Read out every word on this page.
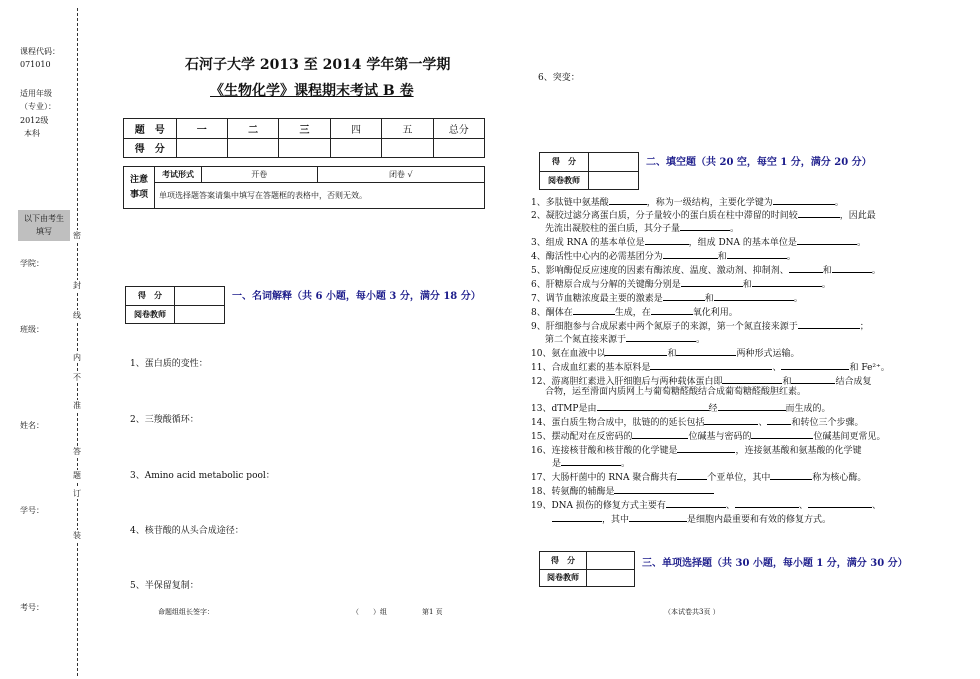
课程代码：
071010
适用年级
（专业）：
2012级
本科
以下由考生
填写
学院：
班级：
姓名：
学号：
考号：
密
封
线
内
不
准
答
题
订
装
石河子大学 2013 至 2014 学年第一学期
《生物化学》课程期末考试 B 卷
题　号	一	二	三	四	五	总分
得　分						
注意
事项
	考试形式	开卷	闭卷 √
单项选择题答案请集中填写在答题框的表格中，否则无效。
得　分	
阅卷教师	
一、名词解释（共 6 小题，每小题 3 分，满分 18 分）
1、蛋白质的变性：
2、三羧酸循环：
3、Amino acid metabolic pool：
4、核苷酸的从头合成途径：
5、半保留复制：
命题组组长签字：	（　　）组	第1 页
6、突变：
得　分	
阅卷教师	
二、填空题（共 20 空，每空 1 分，满分 20 分）
1、多肽链中氨基酸	，称为一级结构，主要化学键为	。
2、凝胶过滤分离蛋白质，分子量较小的蛋白质在柱中滞留的时间较	，因此最
先流出凝胶柱的蛋白质，其分子量	。
3、组成 RNA 的基本单位是	，组成 DNA 的基本单位是	。
4、酶活性中心内的必需基团分为	和	。
5、影响酶促反应速度的因素有酶浓度、温度、激动剂、抑制剂、	和	。
6、肝糖原合成与分解的关键酶分别是	和	。
7、调节血糖浓度最主要的激素是	和	。
8、酮体在	生成，在	氧化利用。
9、肝细胞参与合成尿素中两个氮原子的来源，第一个氮直接来源于	；
第二个氮直接来源于	。
10、氨在血液中以	和	两种形式运输。
11、合成血红素的基本原料是	、	和 Fe²⁺。
12、游离胆红素进入肝细胞后与两种载体蛋白即	和	结合成复
合物，运至滑面内质网上与葡萄糖醛酸结合成葡萄糖醛酸胆红素。
13、dTMP是由	经	而生成的。
14、蛋白质生物合成中，肽链的的延长包括	、	和转位三个步骤。
15、摆动配对在反密码的	位碱基与密码的	位碱基间更常见。
16、连接核苷酸和核苷酸的化学键是	，连接氨基酸和氨基酸的化学键
是	。
17、大肠杆菌中的 RNA 聚合酶共有	个亚单位，其中	称为核心酶。
18、转氨酶的辅酶是
19、DNA 损伤的修复方式主要有	、	、	、
，其中	是细胞内最重要和有效的修复方式。
得　分	
阅卷教师	
三、单项选择题（共 30 小题，每小题 1 分，满分 30 分）
（本试卷共3页 ）
